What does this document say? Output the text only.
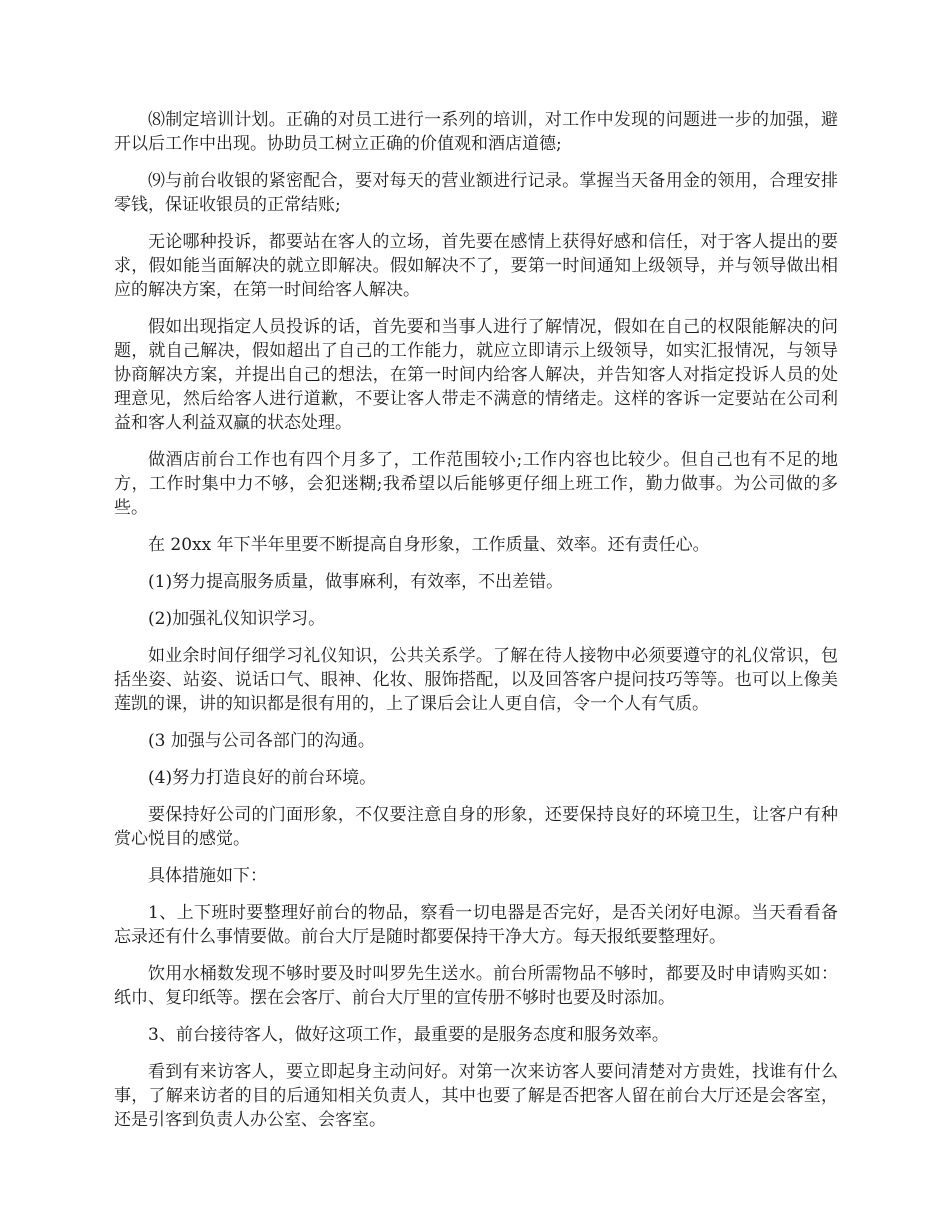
⑻制定培训计划。正确的对员工进行一系列的培训，对工作中发现的问题进一步的加强，避开以后工作中出现。协助员工树立正确的价值观和酒店道德;

⑼与前台收银的紧密配合，要对每天的营业额进行记录。掌握当天备用金的领用，合理安排零钱，保证收银员的正常结账;

无论哪种投诉，都要站在客人的立场，首先要在感情上获得好感和信任，对于客人提出的要求，假如能当面解决的就立即解决。假如解决不了，要第一时间通知上级领导，并与领导做出相应的解决方案，在第一时间给客人解决。

假如出现指定人员投诉的话，首先要和当事人进行了解情况，假如在自己的权限能解决的问题，就自己解决，假如超出了自己的工作能力，就应立即请示上级领导，如实汇报情况，与领导协商解决方案，并提出自己的想法，在第一时间内给客人解决，并告知客人对指定投诉人员的处理意见，然后给客人进行道歉，不要让客人带走不满意的情绪走。这样的客诉一定要站在公司利益和客人利益双赢的状态处理。

做酒店前台工作也有四个月多了，工作范围较小;工作内容也比较少。但自己也有不足的地方，工作时集中力不够，会犯迷糊;我希望以后能够更仔细上班工作，勤力做事。为公司做的多些。

在 20xx 年下半年里要不断提高自身形象，工作质量、效率。还有责任心。

(1)努力提高服务质量，做事麻利，有效率，不出差错。

(2)加强礼仪知识学习。

如业余时间仔细学习礼仪知识，公共关系学。了解在待人接物中必须要遵守的礼仪常识，包括坐姿、站姿、说话口气、眼神、化妆、服饰搭配，以及回答客户提问技巧等等。也可以上像美莲凯的课，讲的知识都是很有用的，上了课后会让人更自信，令一个人有气质。

(3 加强与公司各部门的沟通。

(4)努力打造良好的前台环境。

要保持好公司的门面形象，不仅要注意自身的形象，还要保持良好的环境卫生，让客户有种赏心悦目的感觉。

具体措施如下：

1、上下班时要整理好前台的物品，察看一切电器是否完好，是否关闭好电源。当天看看备忘录还有什么事情要做。前台大厅是随时都要保持干净大方。每天报纸要整理好。

饮用水桶数发现不够时要及时叫罗先生送水。前台所需物品不够时，都要及时申请购买如：纸巾、复印纸等。摆在会客厅、前台大厅里的宣传册不够时也要及时添加。

3、前台接待客人，做好这项工作，最重要的是服务态度和服务效率。

看到有来访客人，要立即起身主动问好。对第一次来访客人要问清楚对方贵姓，找谁有什么事，了解来访者的目的后通知相关负责人，其中也要了解是否把客人留在前台大厅还是会客室，还是引客到负责人办公室、会客室。
